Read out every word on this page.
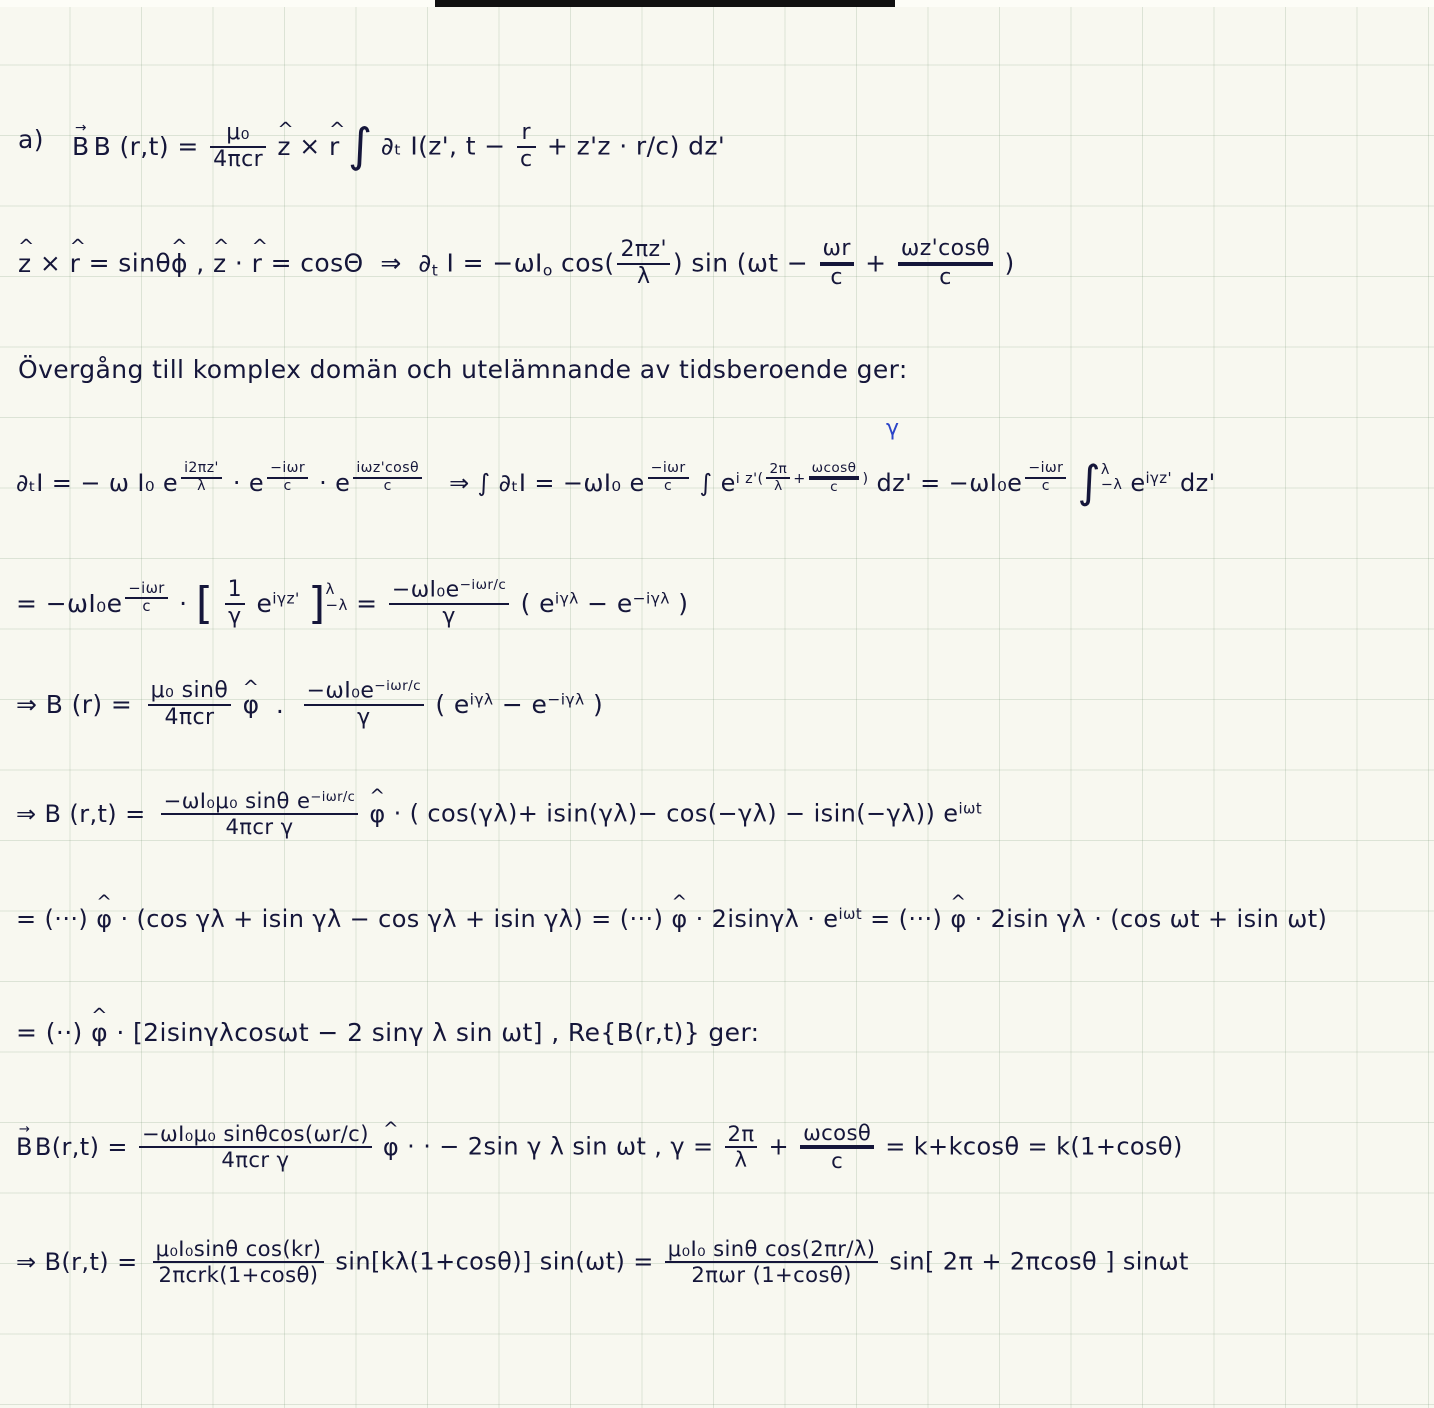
a) B → B $(r,t) = \frac{\text{μ₀}}{\text{4πcr}}$ z ^ × r ^ ∫ ∂ₜ I(z', $t - \frac{r}{c} + z'z \cdot r/c$) dz'
z ^ × r ^ = sinθϕ ^ , z ^ · r ^ = cosΘ  ⇒  $\partial_t$ $I = -\omega I_o$ $\cos( \frac{2\pi z'}{\lambda}$ ) $\sin (\omega t - \frac{\omega r}{c} + \frac{\omega z'\cos\theta}{c}$ )
Övergång till komplex domän och utelämnande av tidsberoende ger:
∂ₜI = − ω I₀ e $^{\frac{i2\pi z'}{\lambda}}$ · e $^{\frac{\text{−iωr}}{c}}$ · e $^{\frac{\text{iωz'cosθ}}{c}}$ ⇒ ∫ ∂ₜI = −ωI₀ e $^{\frac{\text{−iωr}}{c}}$ ∫ $e^{i z'( \frac{2\pi}{\lambda} + \frac{\omega\cos\theta}{c} )}$ dz' = −ωI₀e $^{\frac{\text{−iωr}}{c}}$ ∫ λ
−λ $e^{i\gamma z'}$ dz'
γ
= −ωI₀e $^{\frac{\text{−iωr}}{c}}$ · [ $\frac{1}{\gamma} e^{i\gamma z'}$ ] λ
$-\lambda = \frac{-\omega I_0e^{-i\omega r/c}}{\gamma}$ ( $e^{i\gamma\lambda} - e^{-i\gamma\lambda}$ )
⇒ B $(r) = \frac{\text{μ₀ sinθ}}{\text{4πcr}}$ φ ^ . $\frac{-\omega I_0e^{-i\omega r/c}}{\gamma}$ ( $e^{i\gamma\lambda} - e^{-i\gamma\lambda}$ )
⇒ B $(r,t) = \frac{-\omega I_0\mu_0 \sin\theta e^{-i\omega r/c}}{\text{4πcr γ}}$ φ ^ · ( cos(γλ)+ isin(γλ)− cos(−γλ) − isin(−γλ)) $e^{i\omega t}$
= (···) φ ^ · (cos γλ + isin γλ − cos γλ + isin γλ) = (···) φ ^ · $2isin\gamma\lambda \cdot e^{i\omega t}$ = (···) φ ^ · 2isin γλ · (cos ωt + isin ωt)
= (··) φ ^ · [2isinγλcosωt − 2 sinγ λ sin ωt] , Re{B(r,t)} ger:
$B \to B(r,t) = \frac{\text{−ωI₀μ₀ sinθcos(ωr/c)}}{\text{4πcr γ}}$ φ ^ · · − 2sin γ λ sin ωt , $\gamma = \frac{2\pi}{\lambda} + \frac{\omega\cos\theta}{c} = k+kcos\theta = k(1+\cos\theta)$
⇒ $B(r,t) = \frac{\text{μ₀I₀sinθ cos(kr)}}{\text{2πcrk(1+cosθ)}} \sin[k\lambda(1+\cos\theta)] \sin(\omega t) = \frac{\text{μ₀I₀ sinθ cos(2πr/λ)}}{\text{2πωr (1+cosθ)}} \sin$[ 2π + 2πcosθ ] sinωt
